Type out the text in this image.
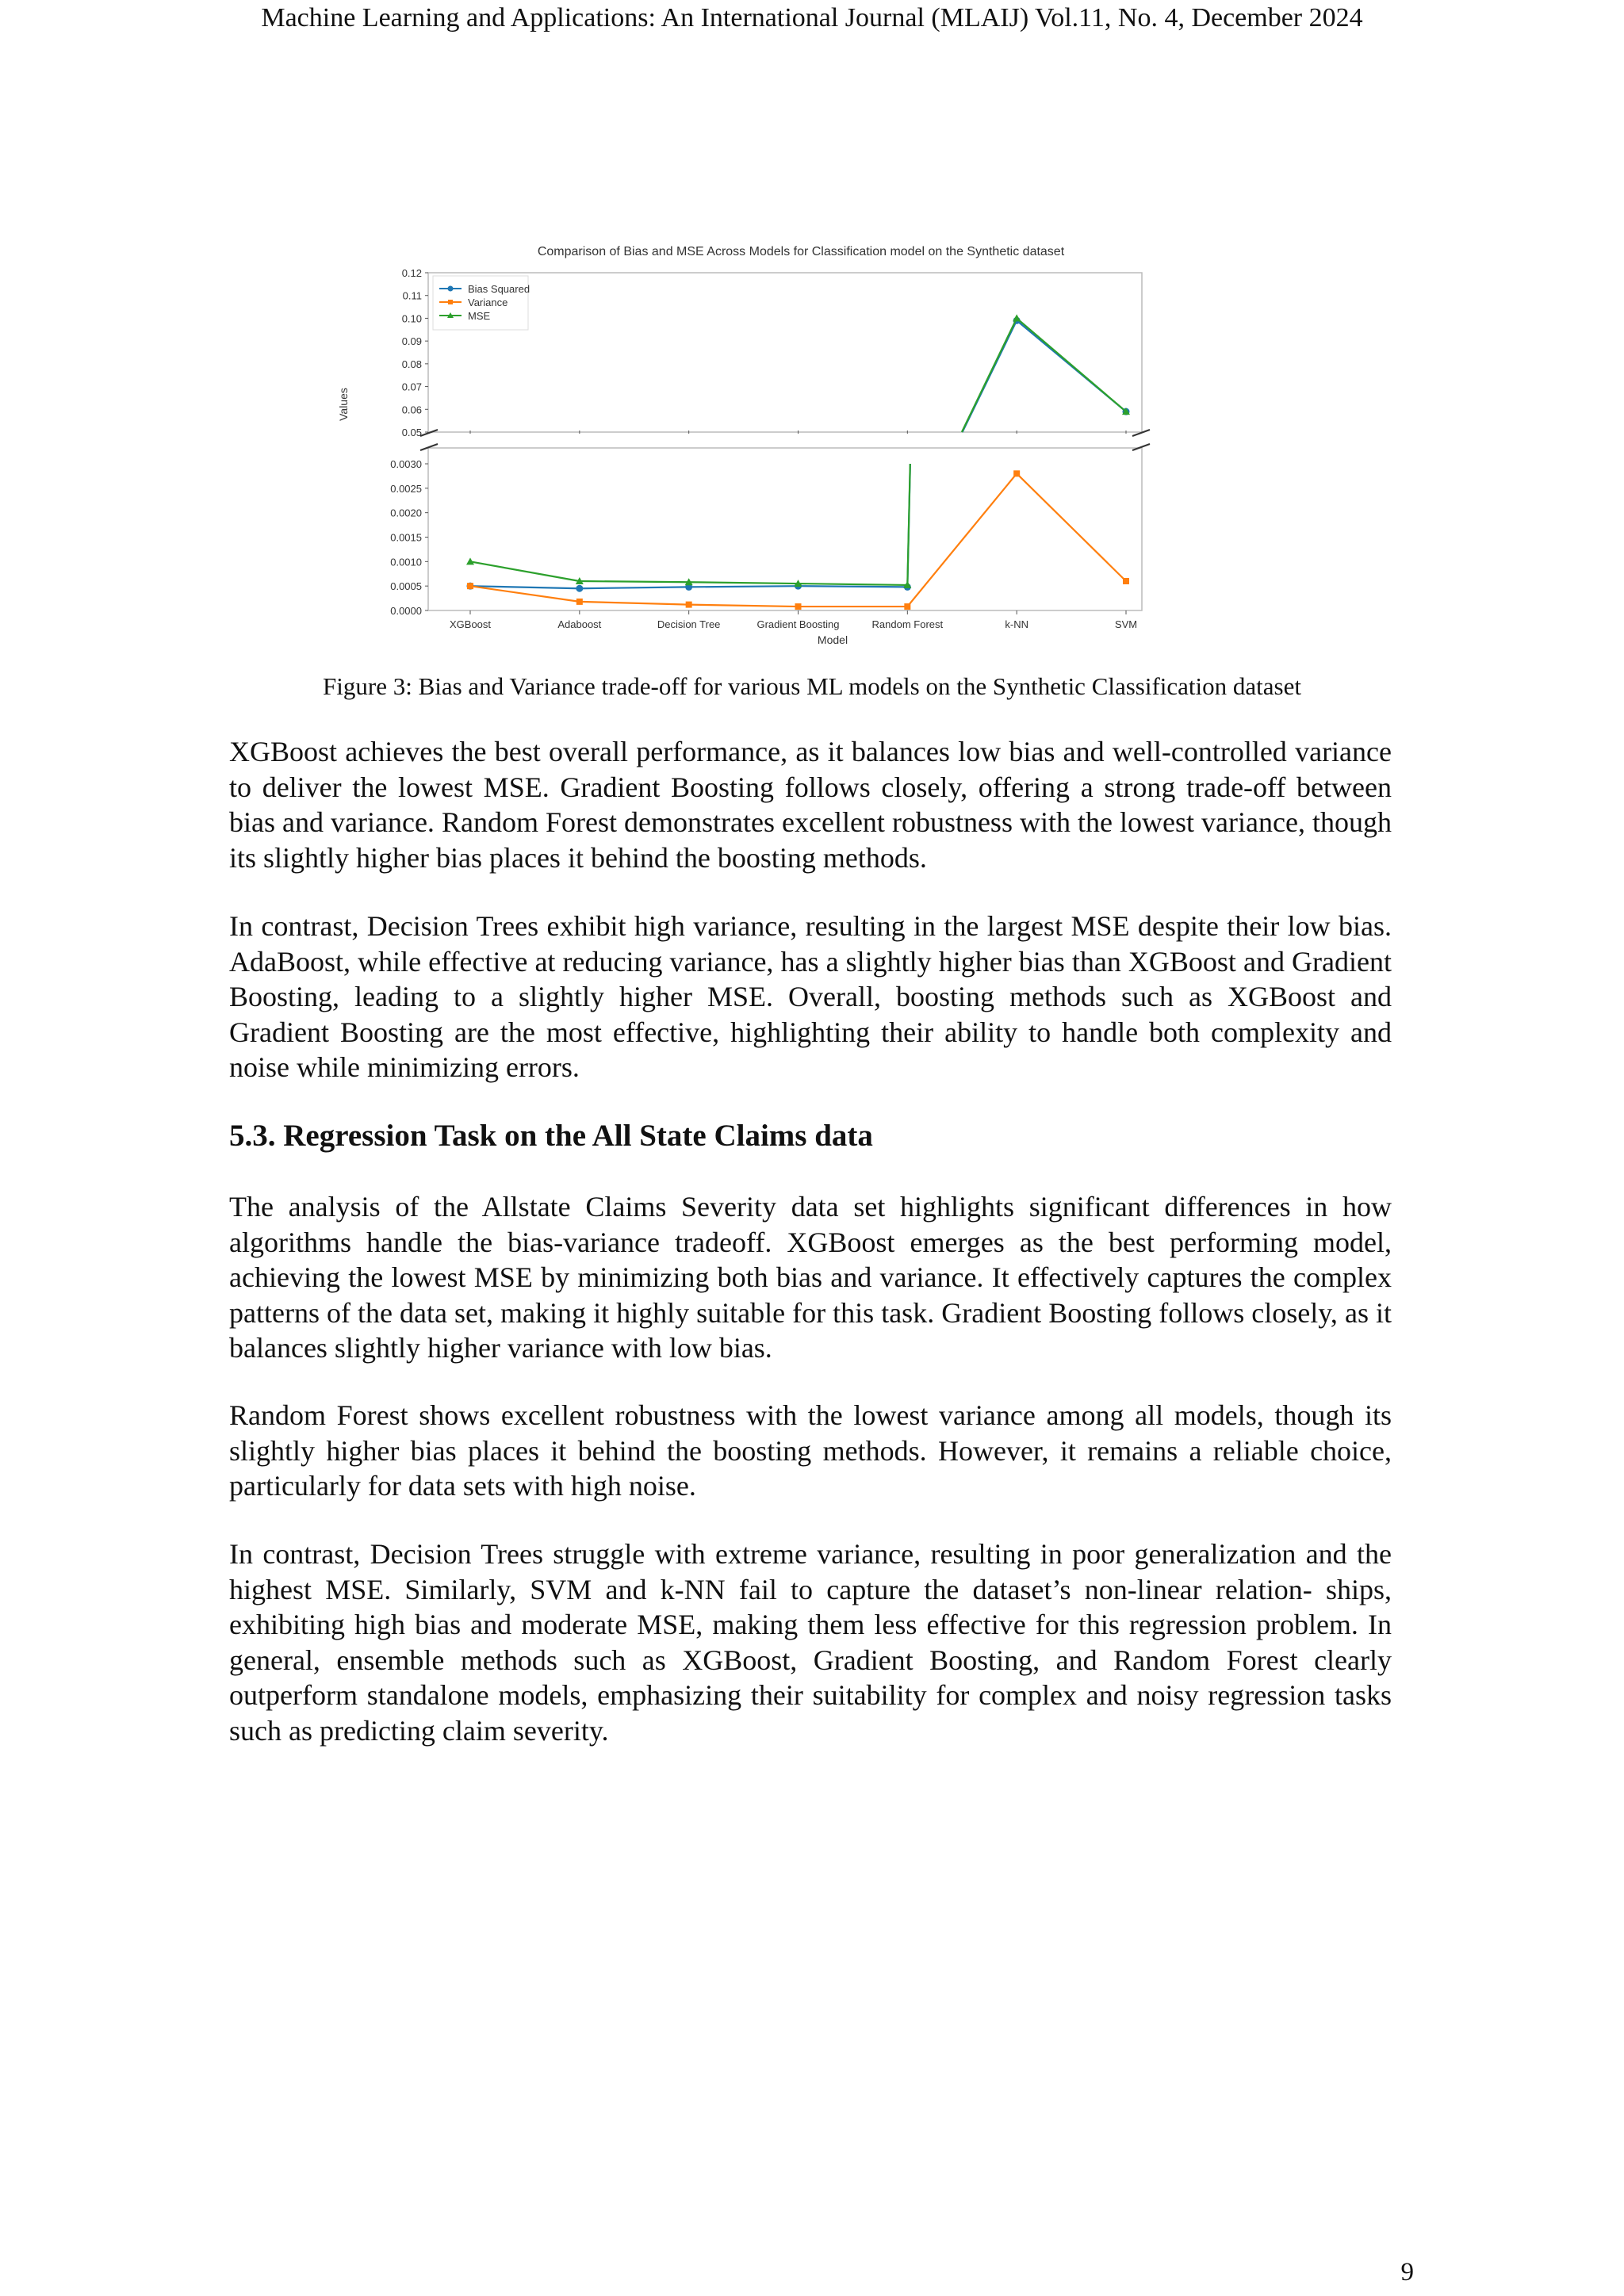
Machine Learning and Applications: An International Journal (MLAIJ) Vol.11, No. 4, December 2024
Comparison of Bias and MSE Across Models for Classification model on the Synthetic dataset
0.05
0.06
0.07
0.08
0.09
0.10
0.11
0.12
0.0000
0.0005
0.0010
0.0015
0.0020
0.0025
0.0030
XGBoost	Adaboost	Decision Tree	Gradient Boosting	Random Forest	k-NN	SVM
Values
Model
Bias Squared
Variance
MSE
Figure 3: Bias and Variance trade-off for various ML models on the Synthetic Classification dataset

XGBoost achieves the best overall performance, as it balances low bias and well-controlled variance to deliver the lowest MSE. Gradient Boosting follows closely, offering a strong trade-off between bias and variance. Random Forest demonstrates excellent robustness with the lowest variance, though its slightly higher bias places it behind the boosting methods.

In contrast, Decision Trees exhibit high variance, resulting in the largest MSE despite their low bias. AdaBoost, while effective at reducing variance, has a slightly higher bias than XGBoost and Gradient Boosting, leading to a slightly higher MSE. Overall, boosting methods such as XGBoost and Gradient Boosting are the most effective, highlighting their ability to handle both complexity and noise while minimizing errors.

5.3. Regression Task on the All State Claims data

The analysis of the Allstate Claims Severity data set highlights significant differences in how algorithms handle the bias-variance tradeoff. XGBoost emerges as the best performing model, achieving the lowest MSE by minimizing both bias and variance. It effectively captures the complex patterns of the data set, making it highly suitable for this task. Gradient Boosting follows closely, as it balances slightly higher variance with low bias.

Random Forest shows excellent robustness with the lowest variance among all models, though its slightly higher bias places it behind the boosting methods. However, it remains a reliable choice, particularly for data sets with high noise.

In contrast, Decision Trees struggle with extreme variance, resulting in poor generalization and the highest MSE. Similarly, SVM and k-NN fail to capture the dataset’s non-linear relation- ships, exhibiting high bias and moderate MSE, making them less effective for this regression problem. In general, ensemble methods such as XGBoost, Gradient Boosting, and Random Forest clearly outperform standalone models, emphasizing their suitability for complex and noisy regression tasks such as predicting claim severity.

9
